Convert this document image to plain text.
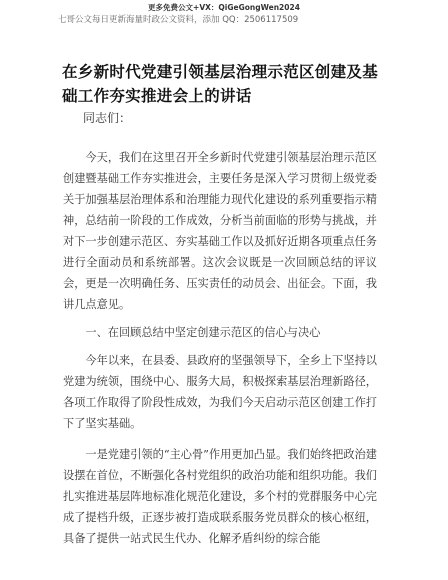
更多免费公文+VX：QiGeGongWen2024
七哥公文每日更新海量时政公文资料，添加 QQ：2506117509
在乡新时代党建引领基层治理示范区创建及基础工作夯实推进会上的讲话
同志们：

今天，我们在这里召开全乡新时代党建引领基层治理示范区创建暨基础工作夯实推进会，主要任务是深入学习贯彻上级党委关于加强基层治理体系和治理能力现代化建设的系列重要指示精神，总结前一阶段的工作成效，分析当前面临的形势与挑战，并对下一步创建示范区、夯实基础工作以及抓好近期各项重点任务进行全面动员和系统部署。这次会议既是一次回顾总结的评议会，更是一次明确任务、压实责任的动员会、出征会。下面，我讲几点意见。

一、在回顾总结中坚定创建示范区的信心与决心

今年以来，在县委、县政府的坚强领导下，全乡上下坚持以党建为统领，围绕中心、服务大局，积极探索基层治理新路径，各项工作取得了阶段性成效，为我们今天启动示范区创建工作打下了坚实基础。

一是党建引领的“主心骨”作用更加凸显。我们始终把政治建设摆在首位，不断强化各村党组织的政治功能和组织功能。我们扎实推进基层阵地标准化规范化建设，多个村的党群服务中心完成了提档升级，正逐步被打造成联系服务党员群众的核心枢纽，具备了提供一站式民生代办、化解矛盾纠纷的综合能
